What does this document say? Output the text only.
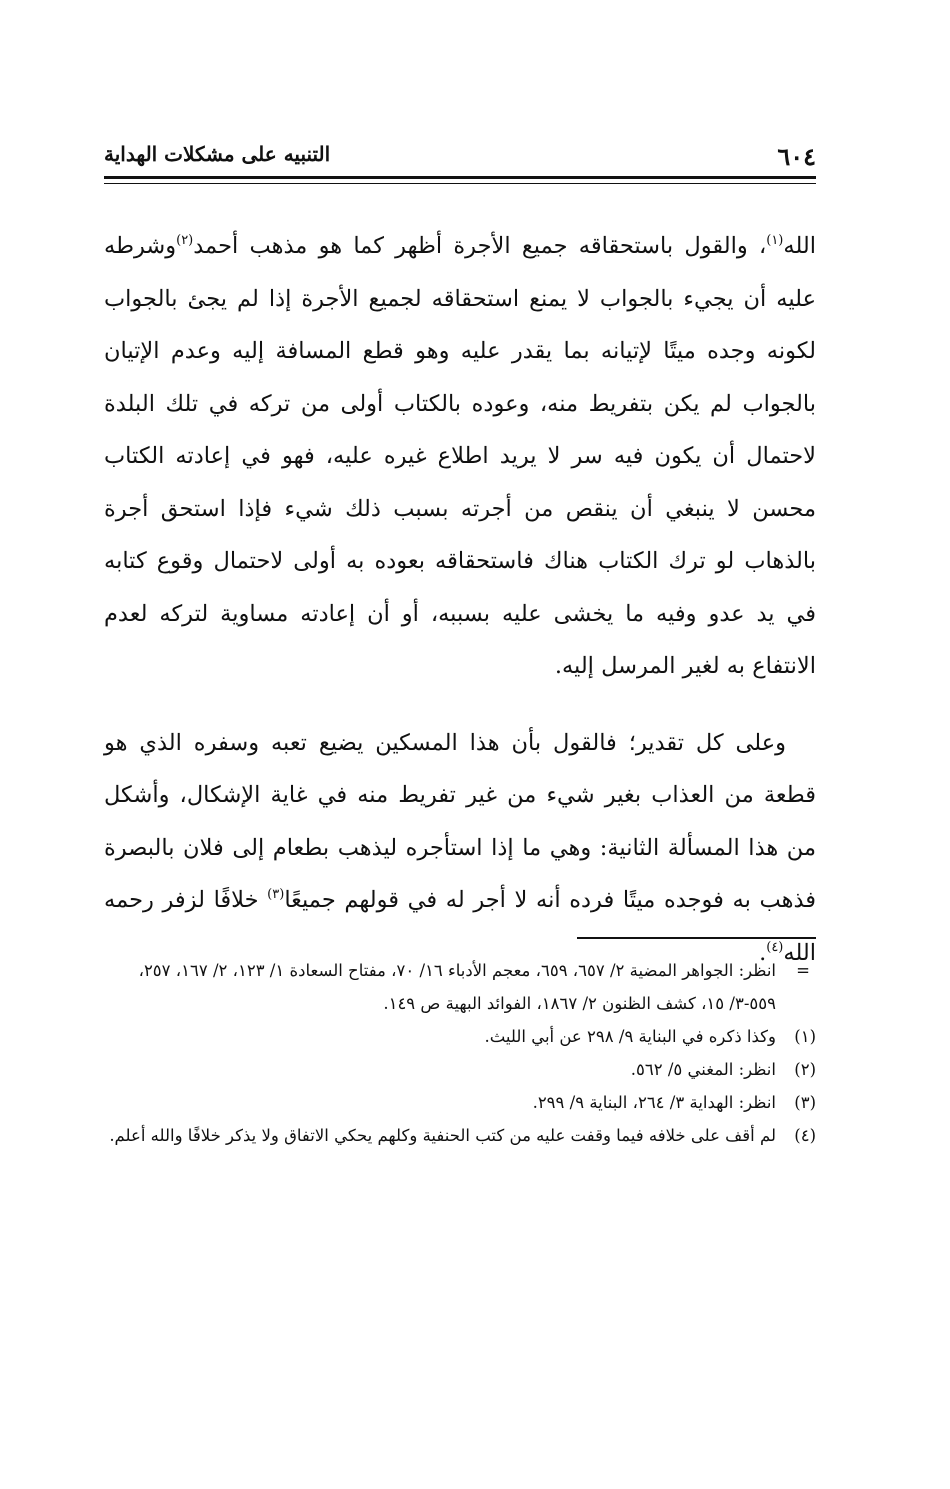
٦٠٤
التنبيه على مشكلات الهداية

الله$^{(١)}$، والقول باستحقاقه جميع الأجرة أظهر كما هو مذهب أحمد$^{(٢)}$وشرطه عليه أن يجيء بالجواب لا يمنع استحقاقه لجميع الأجرة إذا لم يجئ بالجواب لكونه وجده ميتًا لإتيانه بما يقدر عليه وهو قطع المسافة إليه وعدم الإتيان بالجواب لم يكن بتفريط منه، وعوده بالكتاب أولى من تركه في تلك البلدة لاحتمال أن يكون فيه سر لا يريد اطلاع غيره عليه، فهو في إعادته الكتاب محسن لا ينبغي أن ينقص من أجرته بسبب ذلك شيء فإذا استحق أجرة بالذهاب لو ترك الكتاب هناك فاستحقاقه بعوده به أولى لاحتمال وقوع كتابه في يد عدو وفيه ما يخشى عليه بسببه، أو أن إعادته مساوية لتركه لعدم الانتفاع به لغير المرسل إليه.

وعلى كل تقدير؛ فالقول بأن هذا المسكين يضيع تعبه وسفره الذي هو قطعة من العذاب بغير شيء من غير تفريط منه في غاية الإشكال، وأشكل من هذا المسألة الثانية: وهي ما إذا استأجره ليذهب بطعام إلى فلان بالبصرة فذهب به فوجده ميتًا فرده أنه لا أجر له في قولهم جميعًا$^{(٣)}$ خلافًا لزفر رحمه الله$^{(٤)}$.

=
انظر: الجواهر المضية ٢/ ٦٥٧، ٦٥٩، معجم الأدباء ١٦/ ٧٠، مفتاح السعادة ١/ ١٢٣، ٢/ ١٦٧، ٢٥٧، ٥٥٩-٣/ ١٥، كشف الظنون ٢/ ١٨٦٧، الفوائد البهية ص ١٤٩.
(١)
وكذا ذكره في البناية ٩/ ٢٩٨ عن أبي الليث.
(٢)
انظر: المغني ٥/ ٥٦٢.
(٣)
انظر: الهداية ٣/ ٢٦٤، البناية ٩/ ٢٩٩.
(٤)
لم أقف على خلافه فيما وقفت عليه من كتب الحنفية وكلهم يحكي الاتفاق ولا يذكر خلافًا والله أعلم.
